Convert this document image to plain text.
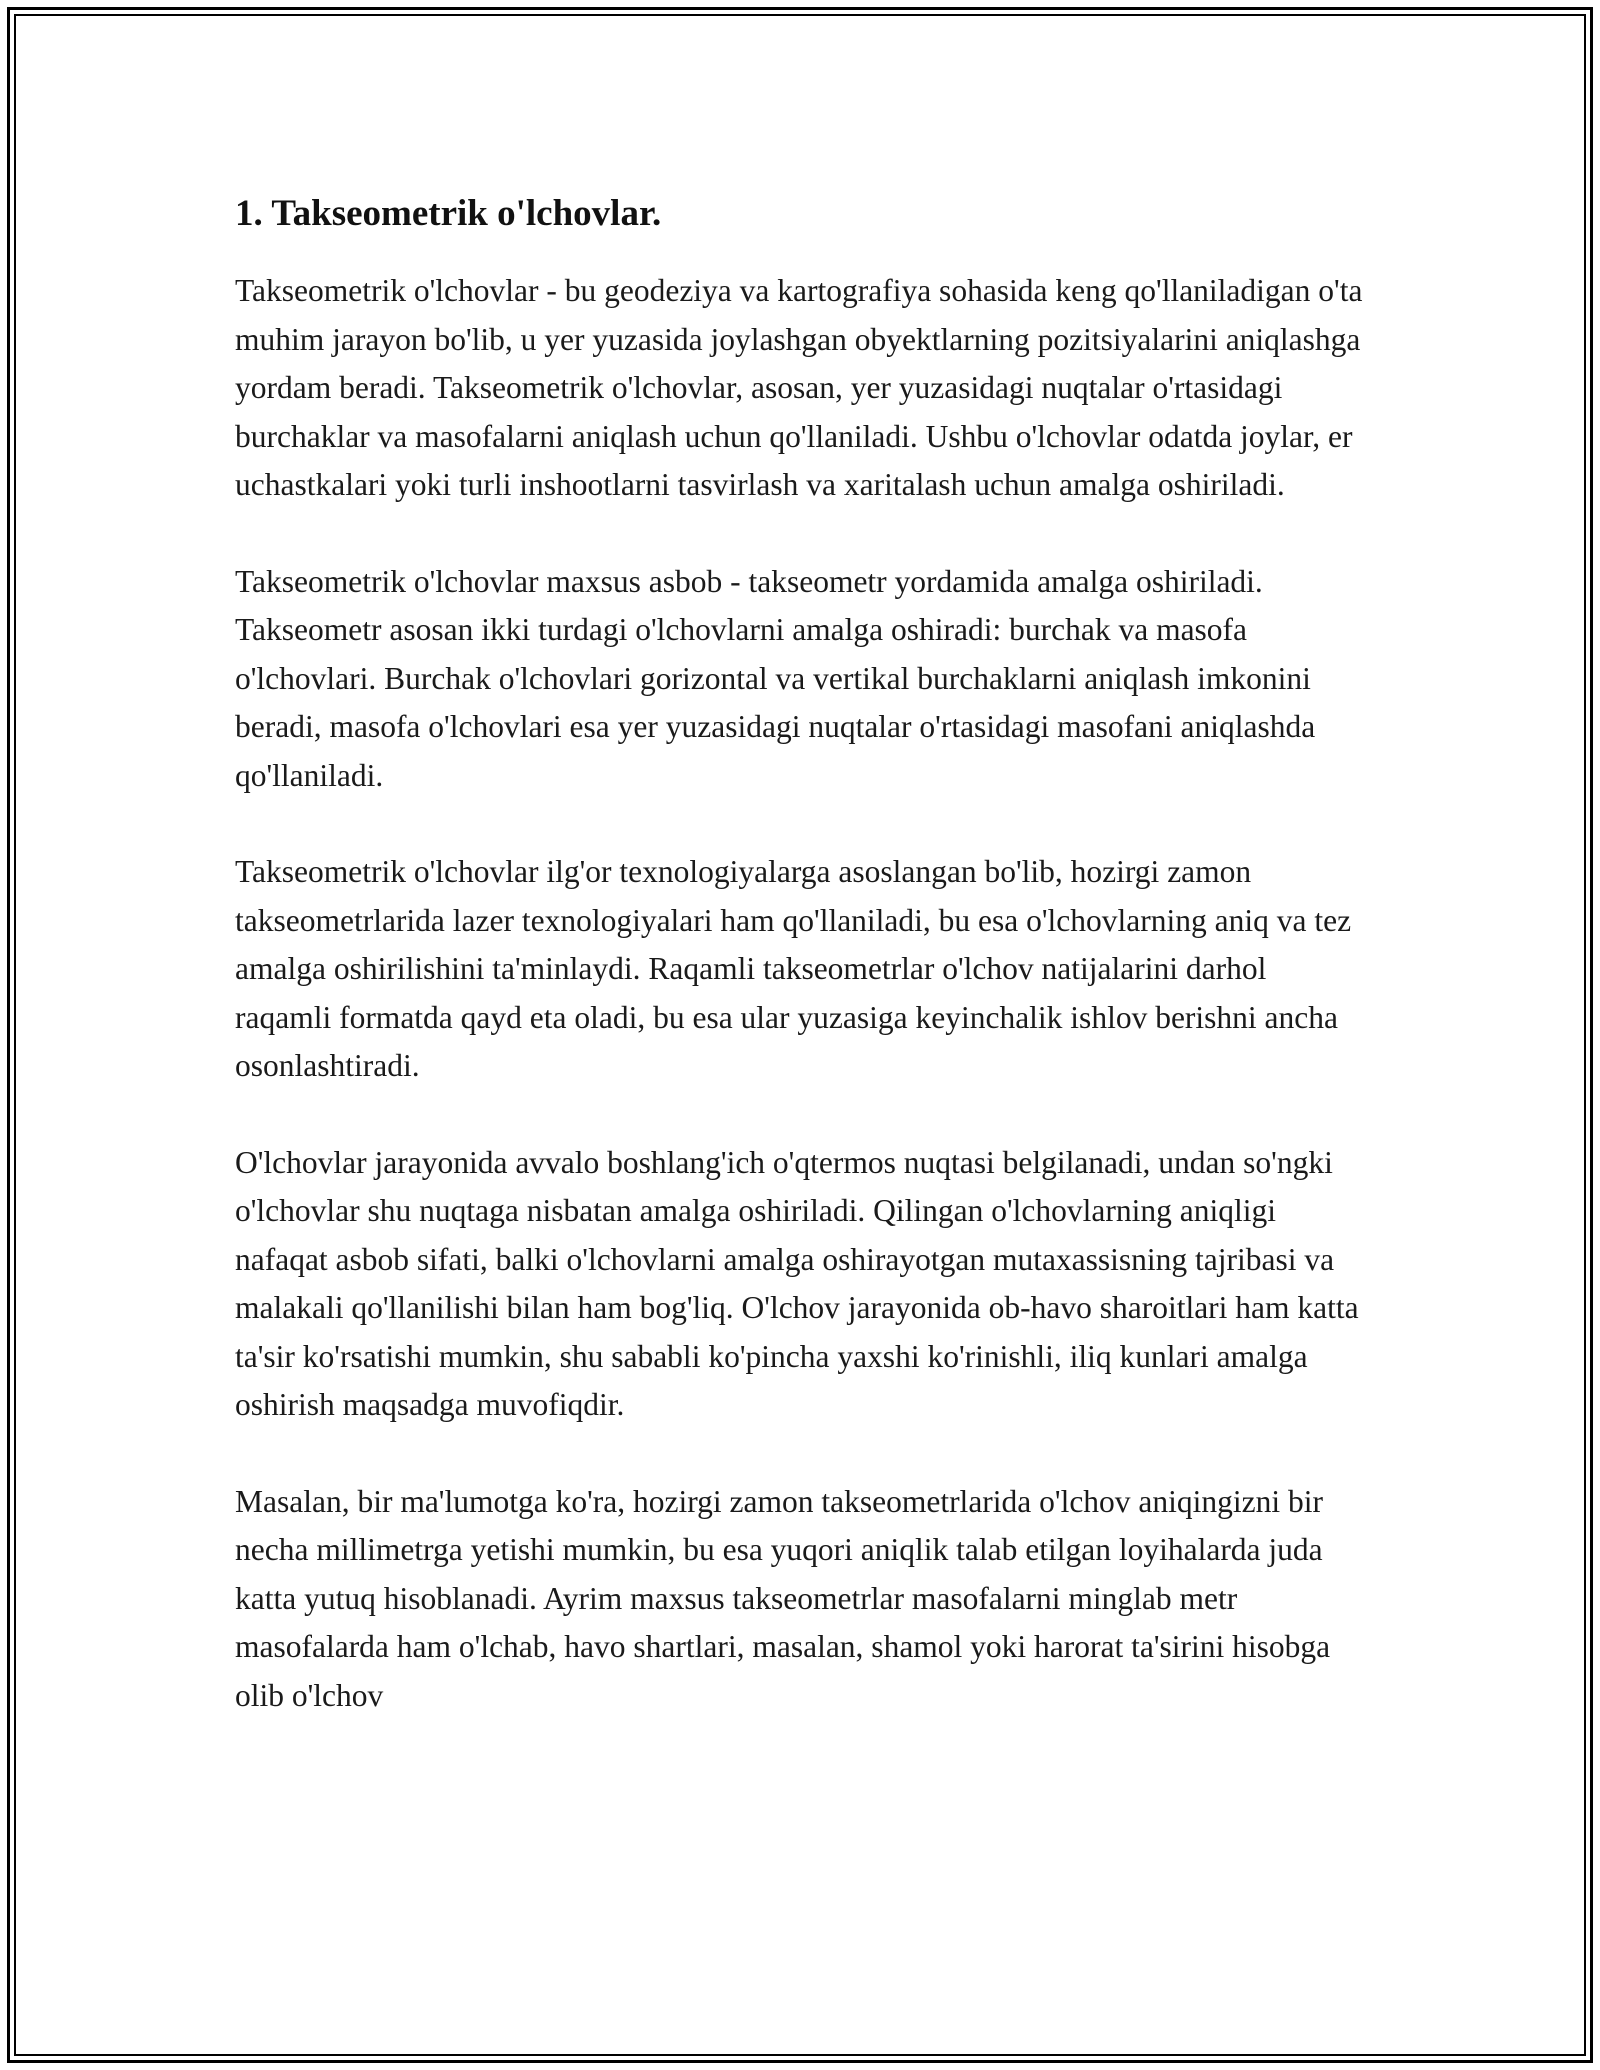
1. Takseometrik o'lchovlar.

Takseometrik o'lchovlar - bu geodeziya va kartografiya sohasida keng qo'llaniladigan o'ta muhim jarayon bo'lib, u yer yuzasida joylashgan obyektlarning pozitsiyalarini aniqlashga yordam beradi. Takseometrik o'lchovlar, asosan, yer yuzasidagi nuqtalar o'rtasidagi burchaklar va masofalarni aniqlash uchun qo'llaniladi. Ushbu o'lchovlar odatda joylar, er uchastkalari yoki turli inshootlarni tasvirlash va xaritalash uchun amalga oshiriladi.

Takseometrik o'lchovlar maxsus asbob - takseometr yordamida amalga oshiriladi. Takseometr asosan ikki turdagi o'lchovlarni amalga oshiradi: burchak va masofa o'lchovlari. Burchak o'lchovlari gorizontal va vertikal burchaklarni aniqlash imkonini beradi, masofa o'lchovlari esa yer yuzasidagi nuqtalar o'rtasidagi masofani aniqlashda qo'llaniladi.

Takseometrik o'lchovlar ilg'or texnologiyalarga asoslangan bo'lib, hozirgi zamon takseometrlarida lazer texnologiyalari ham qo'llaniladi, bu esa o'lchovlarning aniq va tez amalga oshirilishini ta'minlaydi. Raqamli takseometrlar o'lchov natijalarini darhol raqamli formatda qayd eta oladi, bu esa ular yuzasiga keyinchalik ishlov berishni ancha osonlashtiradi.

O'lchovlar jarayonida avvalo boshlang'ich o'qtermos nuqtasi belgilanadi, undan so'ngki o'lchovlar shu nuqtaga nisbatan amalga oshiriladi. Qilingan o'lchovlarning aniqligi nafaqat asbob sifati, balki o'lchovlarni amalga oshirayotgan mutaxassisning tajribasi va malakali qo'llanilishi bilan ham bog'liq. O'lchov jarayonida ob-havo sharoitlari ham katta ta'sir ko'rsatishi mumkin, shu sababli ko'pincha yaxshi ko'rinishli, iliq kunlari amalga oshirish maqsadga muvofiqdir.

Masalan, bir ma'lumotga ko'ra, hozirgi zamon takseometrlarida o'lchov aniqingizni bir necha millimetrga yetishi mumkin, bu esa yuqori aniqlik talab etilgan loyihalarda juda katta yutuq hisoblanadi. Ayrim maxsus takseometrlar masofalarni minglab metr masofalarda ham o'lchab, havo shartlari, masalan, shamol yoki harorat ta'sirini hisobga olib o'lchov
